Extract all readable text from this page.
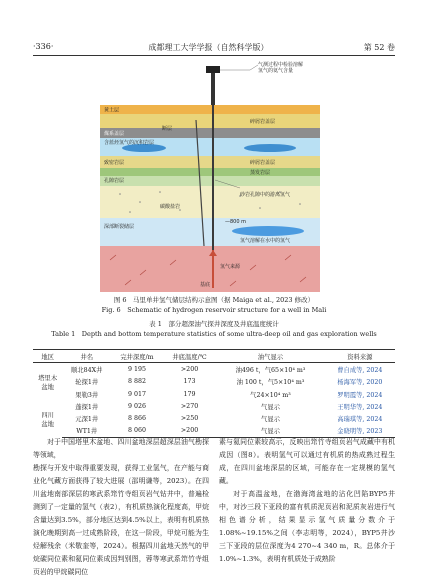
·336·	成都理工大学学报（自然科学版）	第 52 卷
气测过程中检验溶解氢气的氦气含量
黄土层
碎屑岩盖层
煤系盖层
含蓝烃氢气的沉积岩层
碎屑岩盖层
致密岩层
蒸发岩层
孔隙岩层
断层
碳酸盐岩
砂岩孔隙中的游离氢气
深部断裂储层
氢气溶解在水中的氢气
—800 m
氢气来源
基底
图 6　马里单井氢气储层结构示意图（据 Maiga et al., 2023 修改）
Fig. 6　Schematic of hydrogen reservoir structure for a well in Mali
表 1　部分超深油气探井深度及井底温度统计
Table 1　Depth and bottom temperature statistics of some ultra-deep oil and gas exploration wells
地区	井名	完井深度/m	井底温度/℃	油气显示	资料来源
塔里木
盆地	顺北84X井	9 195	>200	油496 t，气65×10⁴ m³	曹自成等, 2024
	轮探1井	8 882	173	油 100 t，气5×10⁴ m³	杨海军等, 2020
	果勒3井	9 017	179	气24×10⁴ m³	罗明霞等, 2024
四川
盆地	蓬探1井	9 026	>270	气显示	王明华等, 2024
	元深1井	8 866	>250	气显示	高瑞琪等, 2024
	WT1井	8 060	>200	气显示	金晓明等, 2023

对于中国塔里木盆地、四川盆地深层超深层油气勘探等领域，

勘探与开发中取得重要发现，获得工业氢气，在产能与商业化气藏方面获得了较大进展（邵明谦等，2023）。在四川盆地南部深层的寒武系筇竹寺组页岩气钻井中，普遍检测到了一定量的氢气（表2），有机质热演化程度高，甲烷含量达到3.5%，部分地区达到4.5%以上，表明有机质热演化晚期到高一过成熟阶段，在这一阶段，甲烷可能为生烃解残余（米敬奎等，2024）。根据四川盆地天然气的甲烷碳同位素和氦同位素成因判别图，蓉等寒武系筇竹寺组页岩的甲烷碳同位

素与氦同位素较高示，反映出筇竹寺组页岩气成藏中有机成因（图8）。表明氢气可以通过有机质的热成熟过程生成，在四川盆地深层的区域，可能存在一定规模的氢气藏。

对于高温盆地，在渤海湾盆地的沾化凹陷BYP5井中，对沙三段下亚段的富有机质泥页岩和泥质灰岩进行气相色谱分析，结果显示氢气质量分数介于1.08%~19.15%之间（李志明等，2024），BYP5井沙三下亚段的层位深度为4 270~4 340 m，R。总体介于1.0%~1.3%，表明有机质处于成熟阶
